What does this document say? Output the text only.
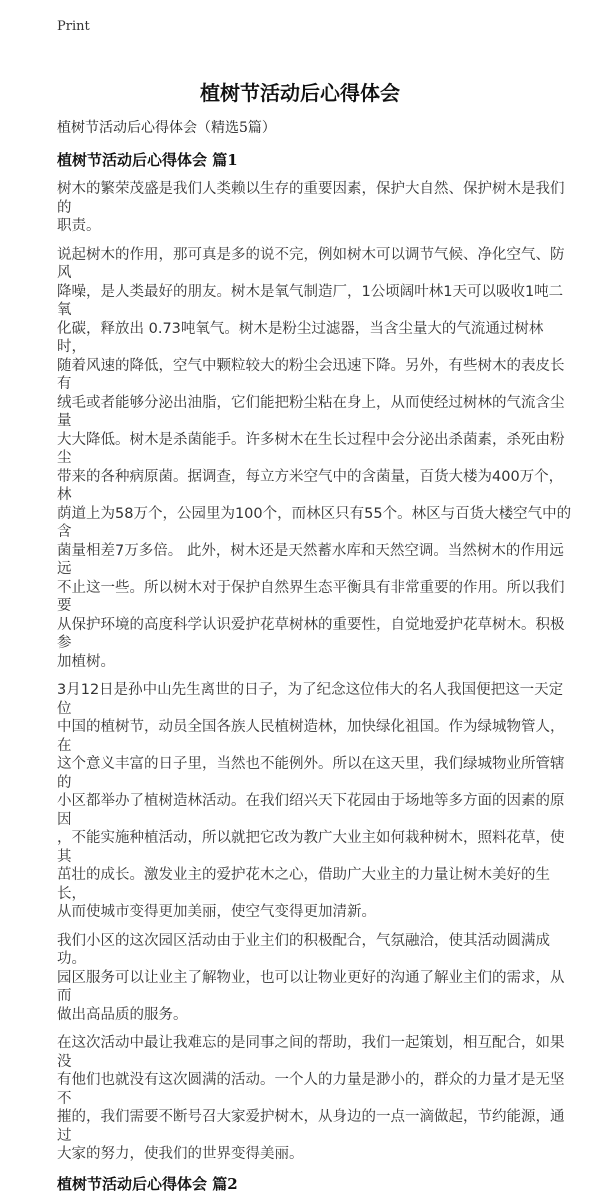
Print
植树节活动后心得体会
植树节活动后心得体会（精选5篇）
植树节活动后心得体会 篇1
树木的繁荣茂盛是我们人类赖以生存的重要因素，保护大自然、保护树木是我们的
职责。
说起树木的作用，那可真是多的说不完，例如树木可以调节气候、净化空气、防风
降噪，是人类最好的朋友。树木是氧气制造厂，1公顷阔叶林1天可以吸收1吨二氧
化碳，释放出 0.73吨氧气。树木是粉尘过滤器，当含尘量大的气流通过树林时，
随着风速的降低，空气中颗粒较大的粉尘会迅速下降。另外，有些树木的表皮长有
绒毛或者能够分泌出油脂，它们能把粉尘粘在身上，从而使经过树林的气流含尘量
大大降低。树木是杀菌能手。许多树木在生长过程中会分泌出杀菌素，杀死由粉尘
带来的各种病原菌。据调查，每立方米空气中的含菌量，百货大楼为400万个，林
荫道上为58万个，公园里为100个，而林区只有55个。林区与百货大楼空气中的含
菌量相差7万多倍。 此外，树木还是天然蓄水库和天然空调。当然树木的作用远远
不止这一些。所以树木对于保护自然界生态平衡具有非常重要的作用。所以我们要
从保护环境的高度科学认识爱护花草树林的重要性，自觉地爱护花草树木。积极参
加植树。
3月12日是孙中山先生离世的日子，为了纪念这位伟大的名人我国便把这一天定位
中国的植树节，动员全国各族人民植树造林，加快绿化祖国。作为绿城物管人，在
这个意义丰富的日子里，当然也不能例外。所以在这天里，我们绿城物业所管辖的
小区都举办了植树造林活动。在我们绍兴天下花园由于场地等多方面的因素的原因
，不能实施种植活动，所以就把它改为教广大业主如何栽种树木，照料花草，使其
茁壮的成长。激发业主的爱护花木之心，借助广大业主的力量让树木美好的生长，
从而使城市变得更加美丽，使空气变得更加清新。
我们小区的这次园区活动由于业主们的积极配合，气氛融洽，使其活动圆满成功。
园区服务可以让业主了解物业，也可以让物业更好的沟通了解业主们的需求，从而
做出高品质的服务。
在这次活动中最让我难忘的是同事之间的帮助，我们一起策划，相互配合，如果没
有他们也就没有这次圆满的活动。一个人的力量是渺小的，群众的力量才是无坚不
摧的，我们需要不断号召大家爱护树木，从身边的一点一滴做起，节约能源，通过
大家的努力，使我们的世界变得美丽。
植树节活动后心得体会 篇2
